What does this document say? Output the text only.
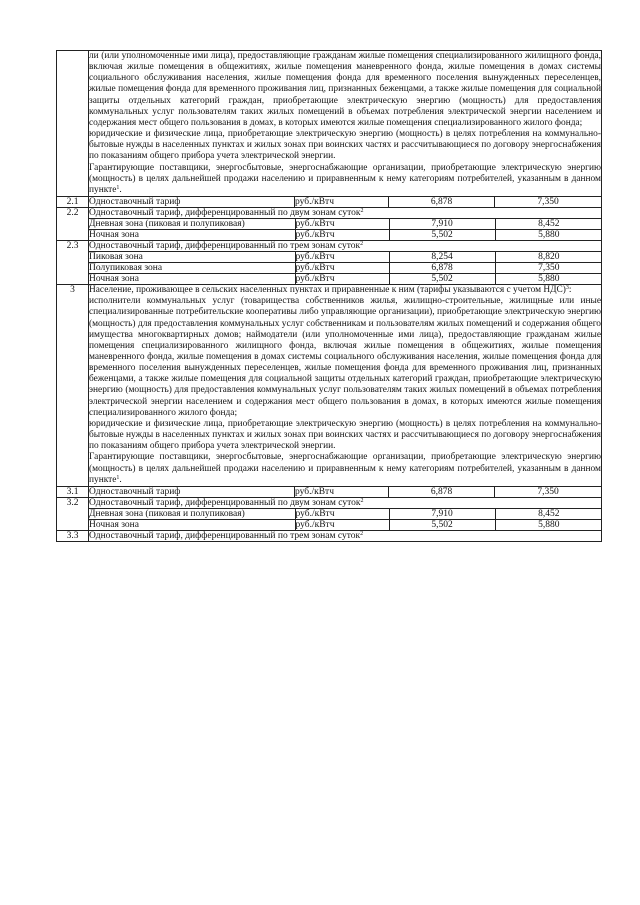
ли (или уполномоченные ими лица), предоставляющие гражданам жилые помещения специализированного жилищного фонда, включая жилые помещения в общежитиях, жилые помещения маневренного фонда, жилые помещения в домах системы социального обслуживания населения, жилые помещения фонда для временного поселения вынужденных переселенцев, жилые помещения фонда для временного проживания лиц, признанных беженцами, а также жилые помещения для социальной защиты отдельных категорий граждан, приобретающие электрическую энергию (мощность) для предоставления коммунальных услуг пользователям таких жилых помещений в объемах потребления электрической энергии населением и содержания мест общего пользования в домах, в которых имеются жилые помещения специализированного жилого фонда;

юридические и физические лица, приобретающие электрическую энергию (мощность) в целях потребления на коммунально-бытовые нужды в населенных пунктах и жилых зонах при воинских частях и рассчитывающиеся по договору энергоснабжения по показаниям общего прибора учета электрической энергии.

Гарантирующие поставщики, энергосбытовые, энергоснабжающие организации, приобретающие электрическую энергию (мощность) в целях дальнейшей продажи населению и приравненным к нему категориям потребителей, указанным в данном пункте$^1$.

2.1	Одноставочный тариф	руб./кВтч	6,878	7,350
2.2	Одноставочный тариф, дифференцированный по двум зонам суток$^2$
Дневная зона (пиковая и полупиковая)	руб./кВтч	7,910	8,452
Ночная зона	руб./кВтч	5,502	5,880

2.3	Одноставочный тариф, дифференцированный по трем зонам суток$^2$
Пиковая зона	руб./кВтч	8,254	8,820
Полупиковая зона	руб./кВтч	6,878	7,350
Ночная зона	руб./кВтч	5,502	5,880

3	Население, проживающее в сельских населенных пунктах и приравненные к ним (тарифы указываются с учетом НДС)$^3$:

исполнители коммунальных услуг (товарищества собственников жилья, жилищно-строительные, жилищные или иные специализированные потребительские кооперативы либо управляющие организации), приобретающие электрическую энергию (мощность) для предоставления коммунальных услуг собственникам и пользователям жилых помещений и содержания общего имущества многоквартирных домов; наймодатели (или уполномоченные ими лица), предоставляющие гражданам жилые помещения специализированного жилищного фонда, включая жилые помещения в общежитиях, жилые помещения маневренного фонда, жилые помещения в домах системы социального обслуживания населения, жилые помещения фонда для временного поселения вынужденных переселенцев, жилые помещения фонда для временного проживания лиц, признанных беженцами, а также жилые помещения для социальной защиты отдельных категорий граждан, приобретающие электрическую энергию (мощность) для предоставления коммунальных услуг пользователям таких жилых помещений в объемах потребления электрической энергии населением и содержания мест общего пользования в домах, в которых имеются жилые помещения специализированного жилого фонда;

юридические и физические лица, приобретающие электрическую энергию (мощность) в целях потребления на коммунально-бытовые нужды в населенных пунктах и жилых зонах при воинских частях и рассчитывающиеся по договору энергоснабжения по показаниям общего прибора учета электрической энергии.

Гарантирующие поставщики, энергосбытовые, энергоснабжающие организации, приобретающие электрическую энергию (мощность) в целях дальнейшей продажи населению и приравненным к нему категориям потребителей, указанным в данном пункте$^1$.

3.1	Одноставочный тариф	руб./кВтч	6,878	7,350
3.2	Одноставочный тариф, дифференцированный по двум зонам суток$^2$
Дневная зона (пиковая и полупиковая)	руб./кВтч	7,910	8,452
Ночная зона	руб./кВтч	5,502	5,880

3.3	Одноставочный тариф, дифференцированный по трем зонам суток$^2$
